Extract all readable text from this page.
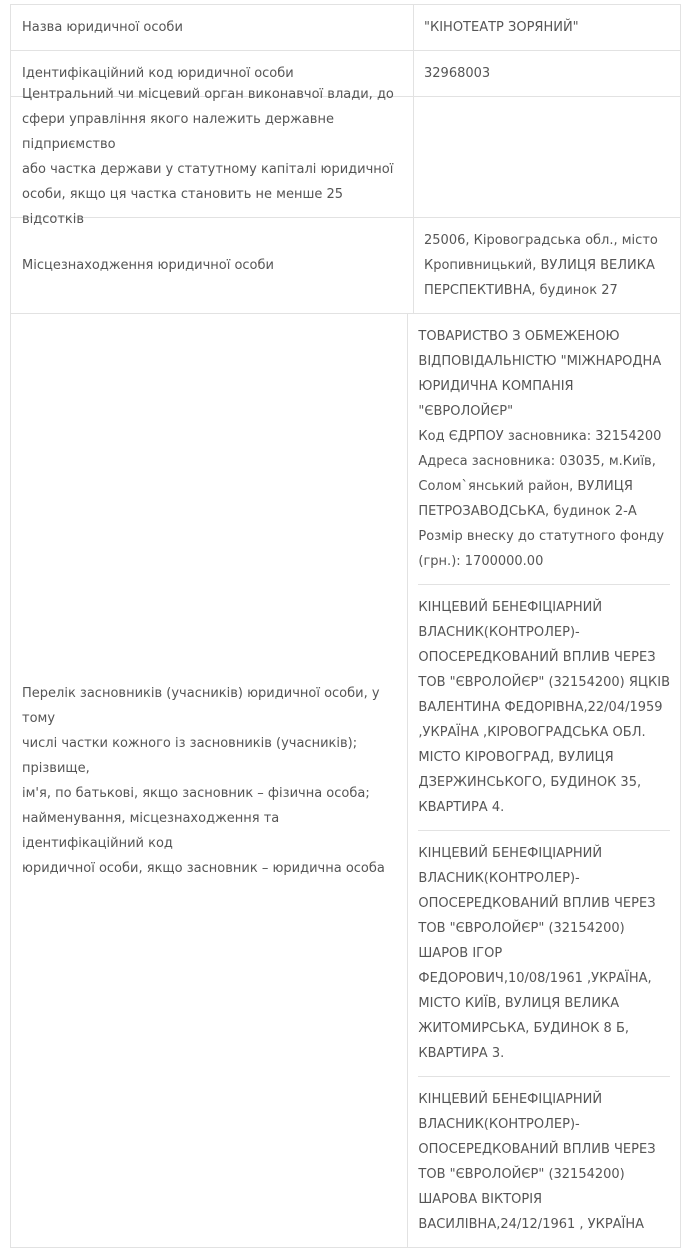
Назва юридичної особи	"КІНОТЕАТР ЗОРЯНИЙ"
Ідентифікаційний код юридичної особи	32968003
Центральний чи місцевий орган виконавчої влади, до
сфери управління якого належить державне підприємство
або частка держави у статутному капіталі юридичної
особи, якщо ця частка становить не менше 25 відсотків
Місцезнаходження юридичної особи
25006, Кіровоградська обл., місто
Кропивницький, ВУЛИЦЯ ВЕЛИКА
ПЕРСПЕКТИВНА, будинок 27
Перелік засновників (учасників) юридичної особи, у тому
числі частки кожного із засновників (учасників); прізвище,
ім'я, по батькові, якщо засновник – фізична особа;
найменування, місцезнаходження та ідентифікаційний код
юридичної особи, якщо засновник – юридична особа
ТОВАРИСТВО З ОБМЕЖЕНОЮ
ВІДПОВІДАЛЬНІСТЮ "МІЖНАРОДНА
ЮРИДИЧНА КОМПАНІЯ
"ЄВРОЛОЙЄР"
Код ЄДРПОУ засновника: 32154200
Адреса засновника: 03035, м.Київ,
Солом`янський район, ВУЛИЦЯ
ПЕТРОЗАВОДСЬКА, будинок 2-А
Розмір внеску до статутного фонду
(грн.): 1700000.00
КІНЦЕВИЙ БЕНЕФІЦІАРНИЙ
ВЛАСНИК(КОНТРОЛЕР)-
ОПОСЕРЕДКОВАНИЙ ВПЛИВ ЧЕРЕЗ
ТОВ "ЄВРОЛОЙЄР" (32154200) ЯЦКІВ
ВАЛЕНТИНА ФЕДОРІВНА,22/04/1959
,УКРАЇНА ,КІРОВОГРАДСЬКА ОБЛ.
МІСТО КІРОВОГРАД, ВУЛИЦЯ
ДЗЕРЖИНСЬКОГО, БУДИНОК 35,
КВАРТИРА 4.
КІНЦЕВИЙ БЕНЕФІЦІАРНИЙ
ВЛАСНИК(КОНТРОЛЕР)-
ОПОСЕРЕДКОВАНИЙ ВПЛИВ ЧЕРЕЗ
ТОВ "ЄВРОЛОЙЄР" (32154200)
ШАРОВ ІГОР
ФЕДОРОВИЧ,10/08/1961 ,УКРАЇНА,
МІСТО КИЇВ, ВУЛИЦЯ ВЕЛИКА
ЖИТОМИРСЬКА, БУДИНОК 8 Б,
КВАРТИРА 3.
КІНЦЕВИЙ БЕНЕФІЦІАРНИЙ
ВЛАСНИК(КОНТРОЛЕР)-
ОПОСЕРЕДКОВАНИЙ ВПЛИВ ЧЕРЕЗ
ТОВ "ЄВРОЛОЙЄР" (32154200)
ШАРОВА ВІКТОРІЯ
ВАСИЛІВНА,24/12/1961 , УКРАЇНА
